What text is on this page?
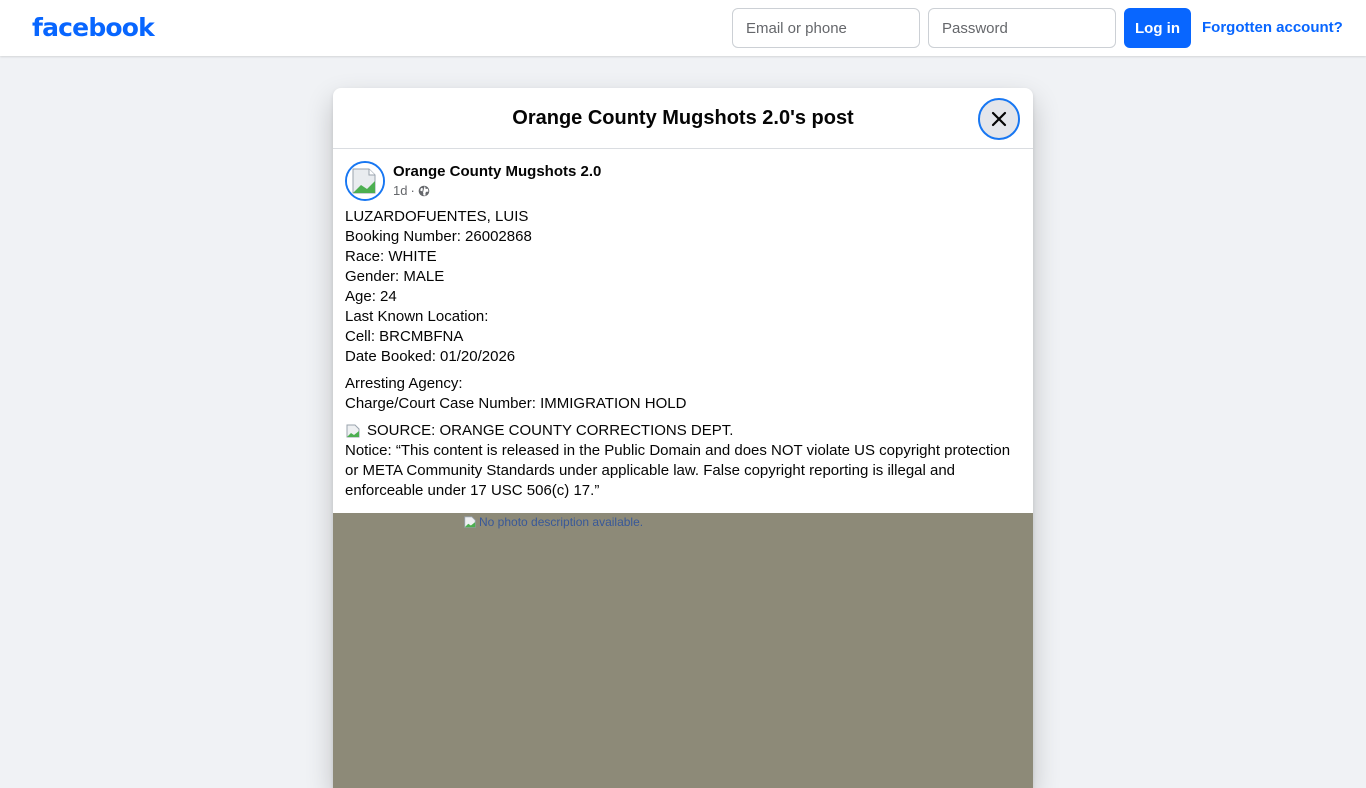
facebook
Email or phone	Log in	Forgotten account?
Orange County Mugshots 2.0's post
Orange County Mugshots 2.0
1d ·

LUZARDOFUENTES, LUIS

Booking Number: 26002868

Race: WHITE

Gender: MALE

Age: 24

Last Known Location:

Cell: BRCMBFNA

Date Booked: 01/20/2026

Arresting Agency:

Charge/Court Case Number: IMMIGRATION HOLD

SOURCE: ORANGE COUNTY CORRECTIONS DEPT.

Notice: “This content is released in the Public Domain and does NOT violate US copyright protection or META Community Standards under applicable law. False copyright reporting is illegal and enforceable under 17 USC 506(c) 17.”

No photo description available.
